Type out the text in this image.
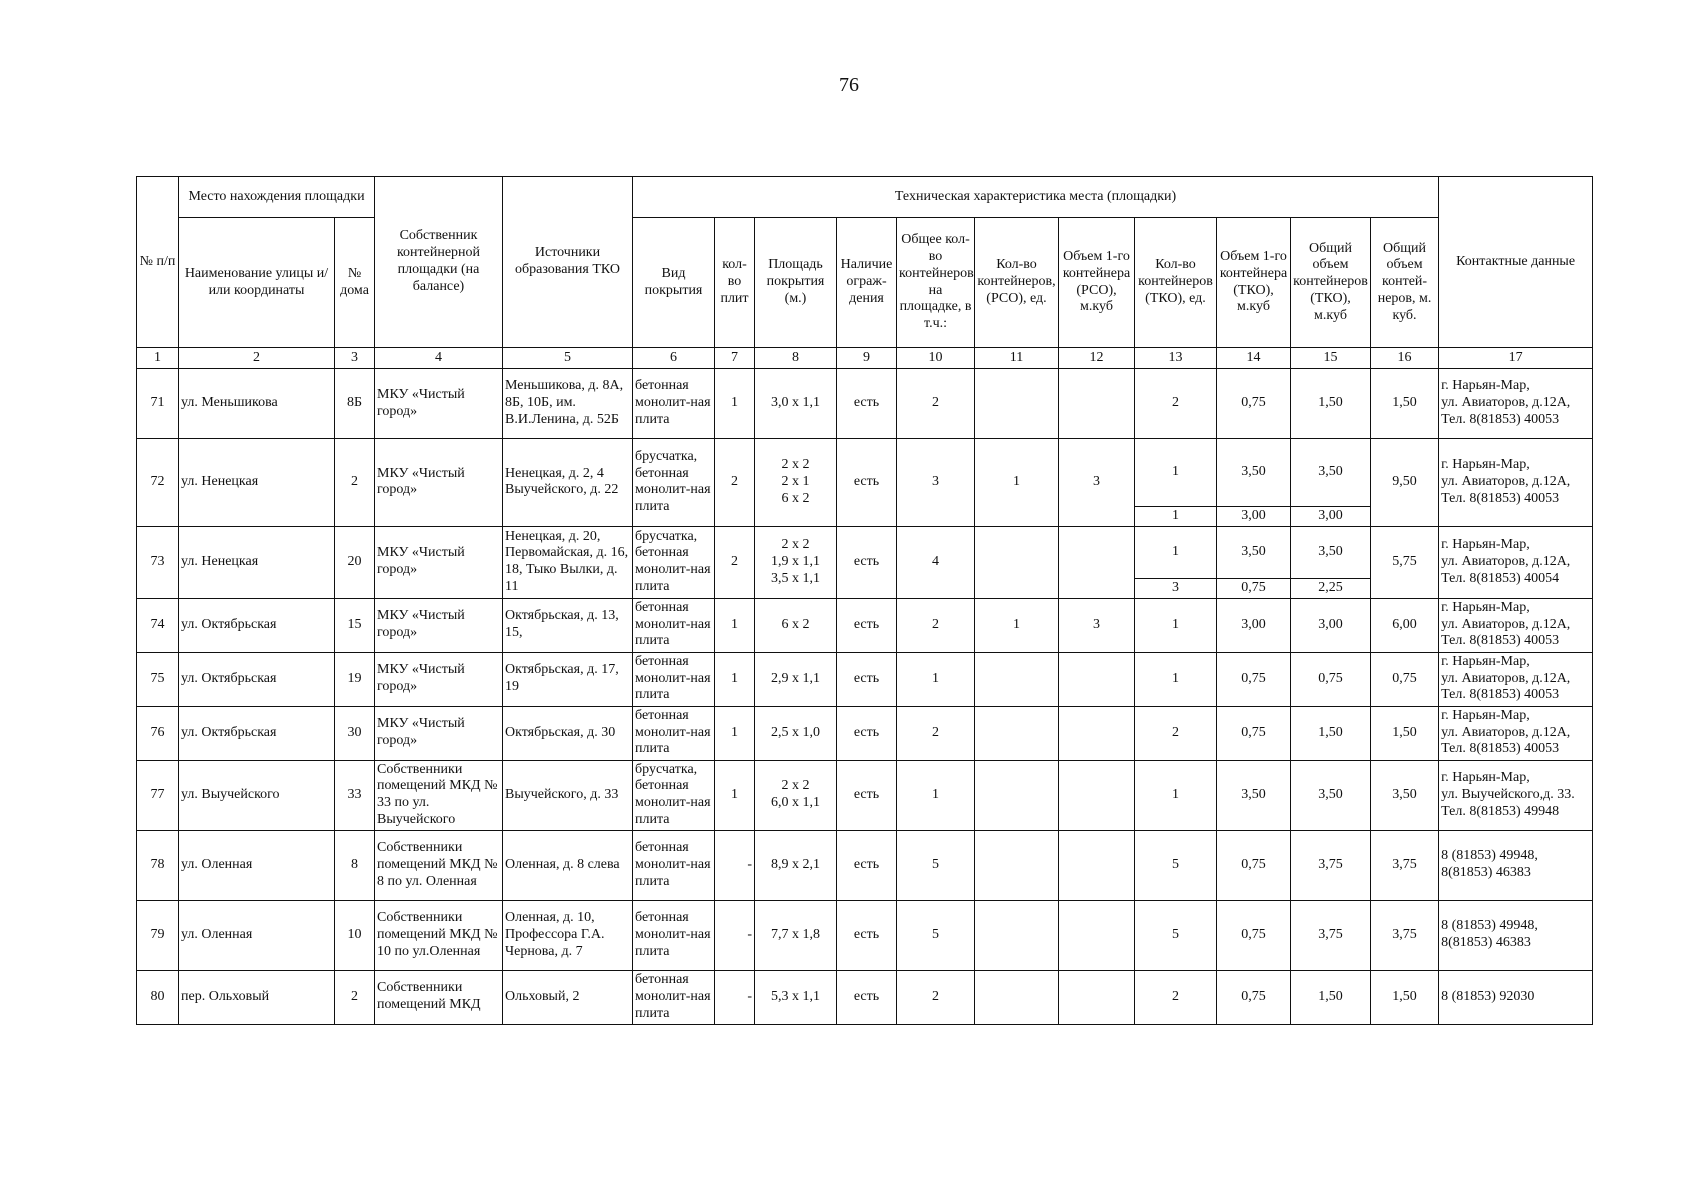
76
№ п/п	Место нахождения площадки		Собственник контейнерной площадки (на балансе)	Источники образования ТКО	Техническая характеристика места (площадки)											Контактные данные
	Наименование улицы и/или координаты	№ дома			Вид покрытия	кол-во плит	Площадь покрытия (м.)	Наличие ограж-дения	Общее кол-во контейнеров на площадке, в т.ч.:	Кол-во контейнеров, (РСО), ед.	Объем 1-го контейнера (РСО), м.куб	Кол-во контейнеров (ТКО), ед.	Объем 1-го контейнера (ТКО), м.куб	Общий объем контейнеров (ТКО), м.куб	Общий объем контей-неров, м. куб.	
1	2	3	4	5	6	7	8	9	10	11	12	13	14	15	16	17
71	ул. Меньшикова	8Б	МКУ «Чистый город»	Меньшикова, д. 8А, 8Б, 10Б, им. В.И.Ленина, д. 52Б	бетонная монолит-ная плита	1	3,0 х 1,1	есть	2			2	0,75	1,50	1,50	г. Нарьян-Мар,
ул. Авиаторов, д.12А,
Тел. 8(81853) 40053

72	ул. Ненецкая	2	МКУ «Чистый город»	Ненецкая, д. 2, 4 Выучейского, д. 22	брусчатка, бетонная монолит-ная плита	2	2 х 2
2 х 1
6 х 2	есть	3	1	3	1	3,50	3,50	9,50	г. Нарьян-Мар,
ул. Авиаторов, д.12А,
Тел. 8(81853) 40053

												1	3,00	3,00		
73	ул. Ненецкая	20	МКУ «Чистый город»	Ненецкая, д. 20, Первомайская, д. 16, 18, Тыко Вылки, д. 11	брусчатка, бетонная монолит-ная плита	2	2 х 2
1,9 х 1,1
3,5 х 1,1	есть	4			1	3,50	3,50	5,75	г. Нарьян-Мар,
ул. Авиаторов, д.12А,
Тел. 8(81853) 40054

												3	0,75	2,25		
74	ул. Октябрьская	15	МКУ «Чистый город»	Октябрьская, д. 13, 15,	бетонная монолит-ная плита	1	6 х 2	есть	2	1	3	1	3,00	3,00	6,00	г. Нарьян-Мар,
ул. Авиаторов, д.12А,
Тел. 8(81853) 40053

75	ул. Октябрьская	19	МКУ «Чистый город»	Октябрьская, д. 17, 19	бетонная монолит-ная плита	1	2,9 х 1,1	есть	1			1	0,75	0,75	0,75	г. Нарьян-Мар,
ул. Авиаторов, д.12А,
Тел. 8(81853) 40053

76	ул. Октябрьская	30	МКУ «Чистый город»	Октябрьская, д. 30	бетонная монолит-ная плита	1	2,5 х 1,0	есть	2			2	0,75	1,50	1,50	г. Нарьян-Мар,
ул. Авиаторов, д.12А,
Тел. 8(81853) 40053

77	ул. Выучейского	33	Собственники помещений МКД № 33 по ул. Выучейского	Выучейского, д. 33	брусчатка, бетонная монолит-ная плита	1	2 х 2
6,0 х 1,1	есть	1			1	3,50	3,50	3,50	г. Нарьян-Мар,
ул. Выучейского,д. 33.
Тел. 8(81853) 49948

78	ул. Оленная	8	Собственники помещений МКД № 8 по ул. Оленная	Оленная, д. 8 слева	бетонная монолит-ная плита	-	8,9 х 2,1	есть	5			5	0,75	3,75	3,75	8 (81853) 49948,
8(81853) 46383

79	ул. Оленная	10	Собственники помещений МКД № 10 по ул.Оленная	Оленная, д. 10, Профессора Г.А. Чернова, д. 7	бетонная монолит-ная плита	-	7,7 х 1,8	есть	5			5	0,75	3,75	3,75	8 (81853) 49948,
8(81853) 46383

80	пер. Ольховый	2	Собственники помещений МКД	Ольховый, 2	бетонная монолит-ная плита	-	5,3 х 1,1	есть	2			2	0,75	1,50	1,50	8 (81853) 92030
